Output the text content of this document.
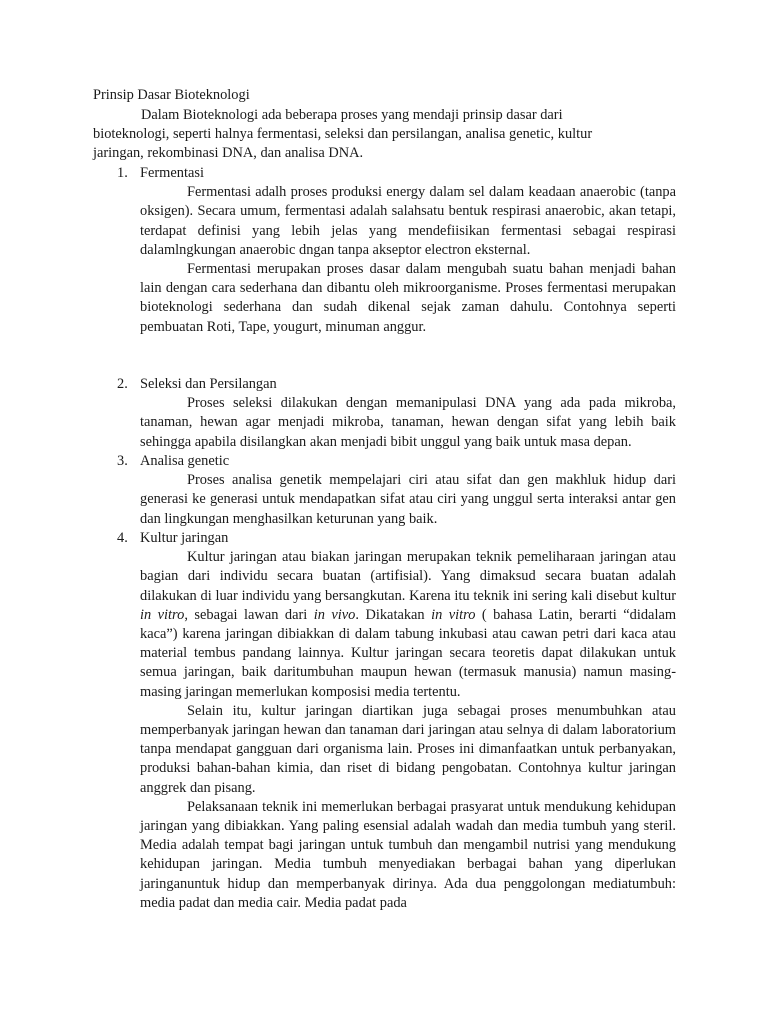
Prinsip Dasar Bioteknologi

Dalam Bioteknologi ada beberapa proses yang mendaji prinsip dasar dari bioteknologi, seperti halnya fermentasi, seleksi dan persilangan, analisa genetic, kultur jaringan, rekombinasi DNA, dan analisa DNA.

1. Fermentasi

Fermentasi adalh proses produksi energy dalam sel dalam keadaan anaerobic (tanpa oksigen). Secara umum, fermentasi adalah salahsatu bentuk respirasi anaerobic, akan tetapi, terdapat definisi yang lebih jelas yang mendefiisikan fermentasi sebagai respirasi dalamlngkungan anaerobic dngan tanpa akseptor electron eksternal.

Fermentasi merupakan proses dasar dalam mengubah suatu bahan menjadi bahan lain dengan cara sederhana dan dibantu oleh mikroorganisme. Proses fermentasi merupakan bioteknologi sederhana dan sudah dikenal sejak zaman dahulu. Contohnya seperti pembuatan Roti, Tape, yougurt, minuman anggur.

2. Seleksi dan Persilangan

Proses seleksi dilakukan dengan memanipulasi DNA yang ada pada mikroba, tanaman, hewan agar menjadi mikroba, tanaman, hewan dengan sifat yang lebih baik sehingga apabila disilangkan akan menjadi bibit unggul yang baik untuk masa depan.

3. Analisa genetic

Proses analisa genetik mempelajari ciri atau sifat dan gen makhluk hidup dari generasi ke generasi untuk mendapatkan sifat atau ciri yang unggul serta interaksi antar gen dan lingkungan menghasilkan keturunan yang baik.

4. Kultur jaringan

Kultur jaringan atau biakan jaringan merupakan teknik pemeliharaan jaringan atau bagian dari individu secara buatan (artifisial). Yang dimaksud secara buatan adalah dilakukan di luar individu yang bersangkutan. Karena itu teknik ini sering kali disebut kultur in vitro, sebagai lawan dari in vivo. Dikatakan in vitro ( bahasa Latin, berarti “didalam kaca”) karena jaringan dibiakkan di dalam tabung inkubasi atau cawan petri dari kaca atau material tembus pandang lainnya. Kultur jaringan secara teoretis dapat dilakukan untuk semua jaringan, baik daritumbuhan maupun hewan (termasuk manusia) namun masing-masing jaringan memerlukan komposisi media tertentu.

Selain itu, kultur jaringan diartikan juga sebagai proses menumbuhkan atau memperbanyak jaringan hewan dan tanaman dari jaringan atau selnya di dalam laboratorium tanpa mendapat gangguan dari organisma lain. Proses ini dimanfaatkan untuk perbanyakan, produksi bahan-bahan kimia, dan riset di bidang pengobatan. Contohnya kultur jaringan anggrek dan pisang.

Pelaksanaan teknik ini memerlukan berbagai prasyarat untuk mendukung kehidupan jaringan yang dibiakkan. Yang paling esensial adalah wadah dan media tumbuh yang steril. Media adalah tempat bagi jaringan untuk tumbuh dan mengambil nutrisi yang mendukung kehidupan jaringan. Media tumbuh menyediakan berbagai bahan yang diperlukan jaringanuntuk hidup dan memperbanyak dirinya. Ada dua penggolongan mediatumbuh: media padat dan media cair. Media padat pada
